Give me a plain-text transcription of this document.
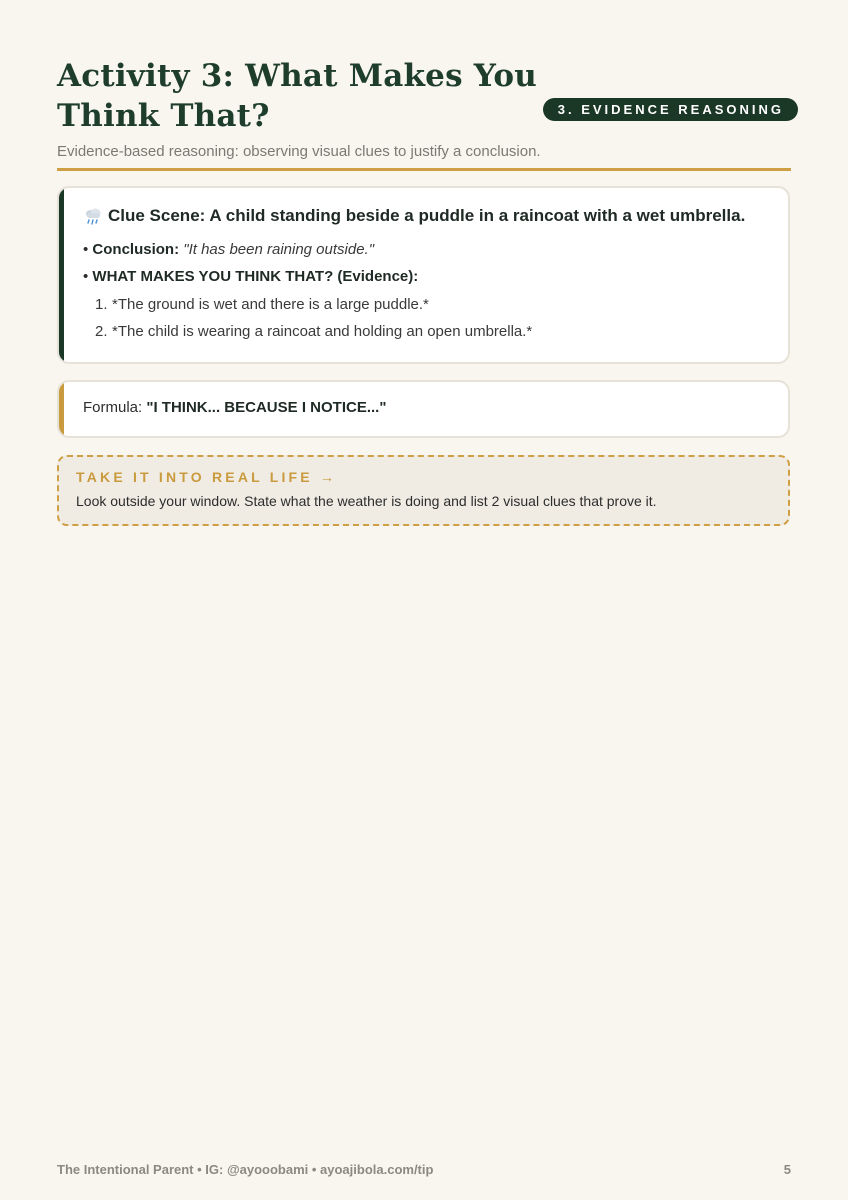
Activity 3: What Makes You Think That?	3. EVIDENCE REASONING
Evidence-based reasoning: observing visual clues to justify a conclusion.
Clue Scene: A child standing beside a puddle in a raincoat with a wet umbrella.
• Conclusion: "It has been raining outside."
• WHAT MAKES YOU THINK THAT? (Evidence):
1. *The ground is wet and there is a large puddle.*
2. *The child is wearing a raincoat and holding an open umbrella.*
Formula: "I THINK... BECAUSE I NOTICE..."
TAKE IT INTO REAL LIFE →
Look outside your window. State what the weather is doing and list 2 visual clues that prove it.
The Intentional Parent • IG: @ayooobami • ayoajibola.com/tip	5
